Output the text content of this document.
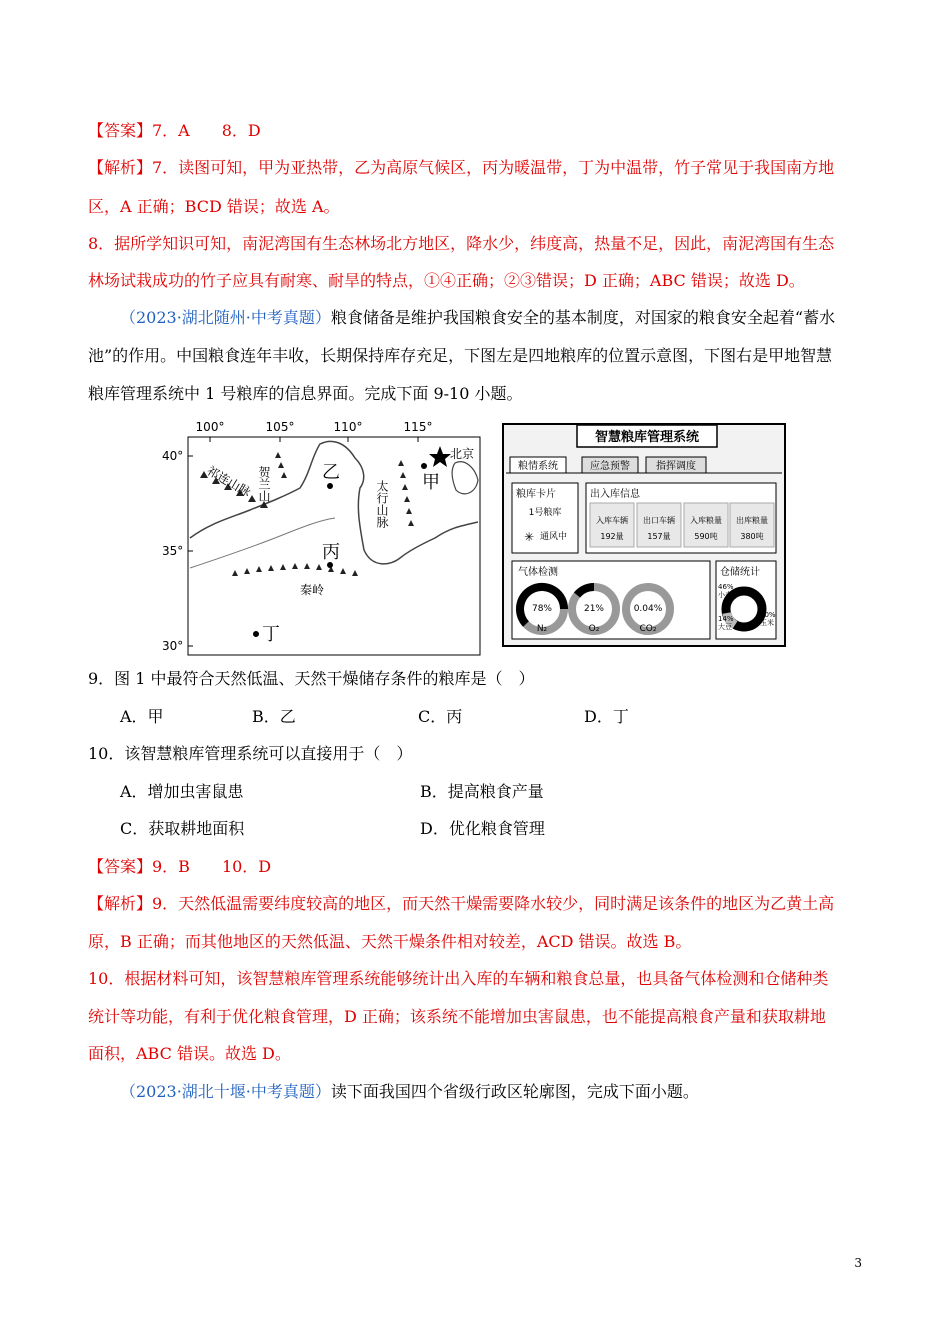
【答案】7．A　　8．D
【解析】7．读图可知，甲为亚热带，乙为高原气候区，丙为暖温带，丁为中温带，竹子常见于我国南方地
区，A 正确；BCD 错误；故选 A。
8．据所学知识可知，南泥湾国有生态林场北方地区，降水少，纬度高，热量不足，因此，南泥湾国有生态
林场试栽成功的竹子应具有耐寒、耐旱的特点，①④正确；②③错误；D 正确；ABC 错误；故选 D。
（2023·湖北随州·中考真题）粮食储备是维护我国粮食安全的基本制度，对国家的粮食安全起着“蓄水
池”的作用。中国粮食连年丰收，长期保持库存充足，下图左是四地粮库的位置示意图，下图右是甲地智慧
粮库管理系统中 1 号粮库的信息界面。完成下面 9-10 小题。
100°	105°	110°	115°
40°
35°
30°
祁连山脉 贺兰山	太行山脉
秦岭
乙	甲
北京
丙
丁
智慧粮库管理系统
粮情系统	应急预警	指挥调度
粮库卡片
1号粮库
✳ 通风中
出入库信息
入库车辆
192量
出口车辆
157量
入库粮量
590吨
出库粮量
380吨
气体检测
78%
N₂
21%
O₂
0.04%
CO₂
仓储统计
46%
小麦
14%
大豆
40%
玉米
9．图 1 中最符合天然低温、天然干燥储存条件的粮库是（　）
A．甲	B．乙	C．丙	D．丁
10．该智慧粮库管理系统可以直接用于（　）
A．增加虫害鼠患	B．提高粮食产量
C．获取耕地面积	D．优化粮食管理
【答案】9．B　　10．D
【解析】9．天然低温需要纬度较高的地区，而天然干燥需要降水较少，同时满足该条件的地区为乙黄土高
原，B 正确；而其他地区的天然低温、天然干燥条件相对较差，ACD 错误。故选 B。
10．根据材料可知，该智慧粮库管理系统能够统计出入库的车辆和粮食总量，也具备气体检测和仓储种类
统计等功能，有利于优化粮食管理，D 正确；该系统不能增加虫害鼠患，也不能提高粮食产量和获取耕地
面积，ABC 错误。故选 D。
（2023·湖北十堰·中考真题）读下面我国四个省级行政区轮廓图，完成下面小题。
3
